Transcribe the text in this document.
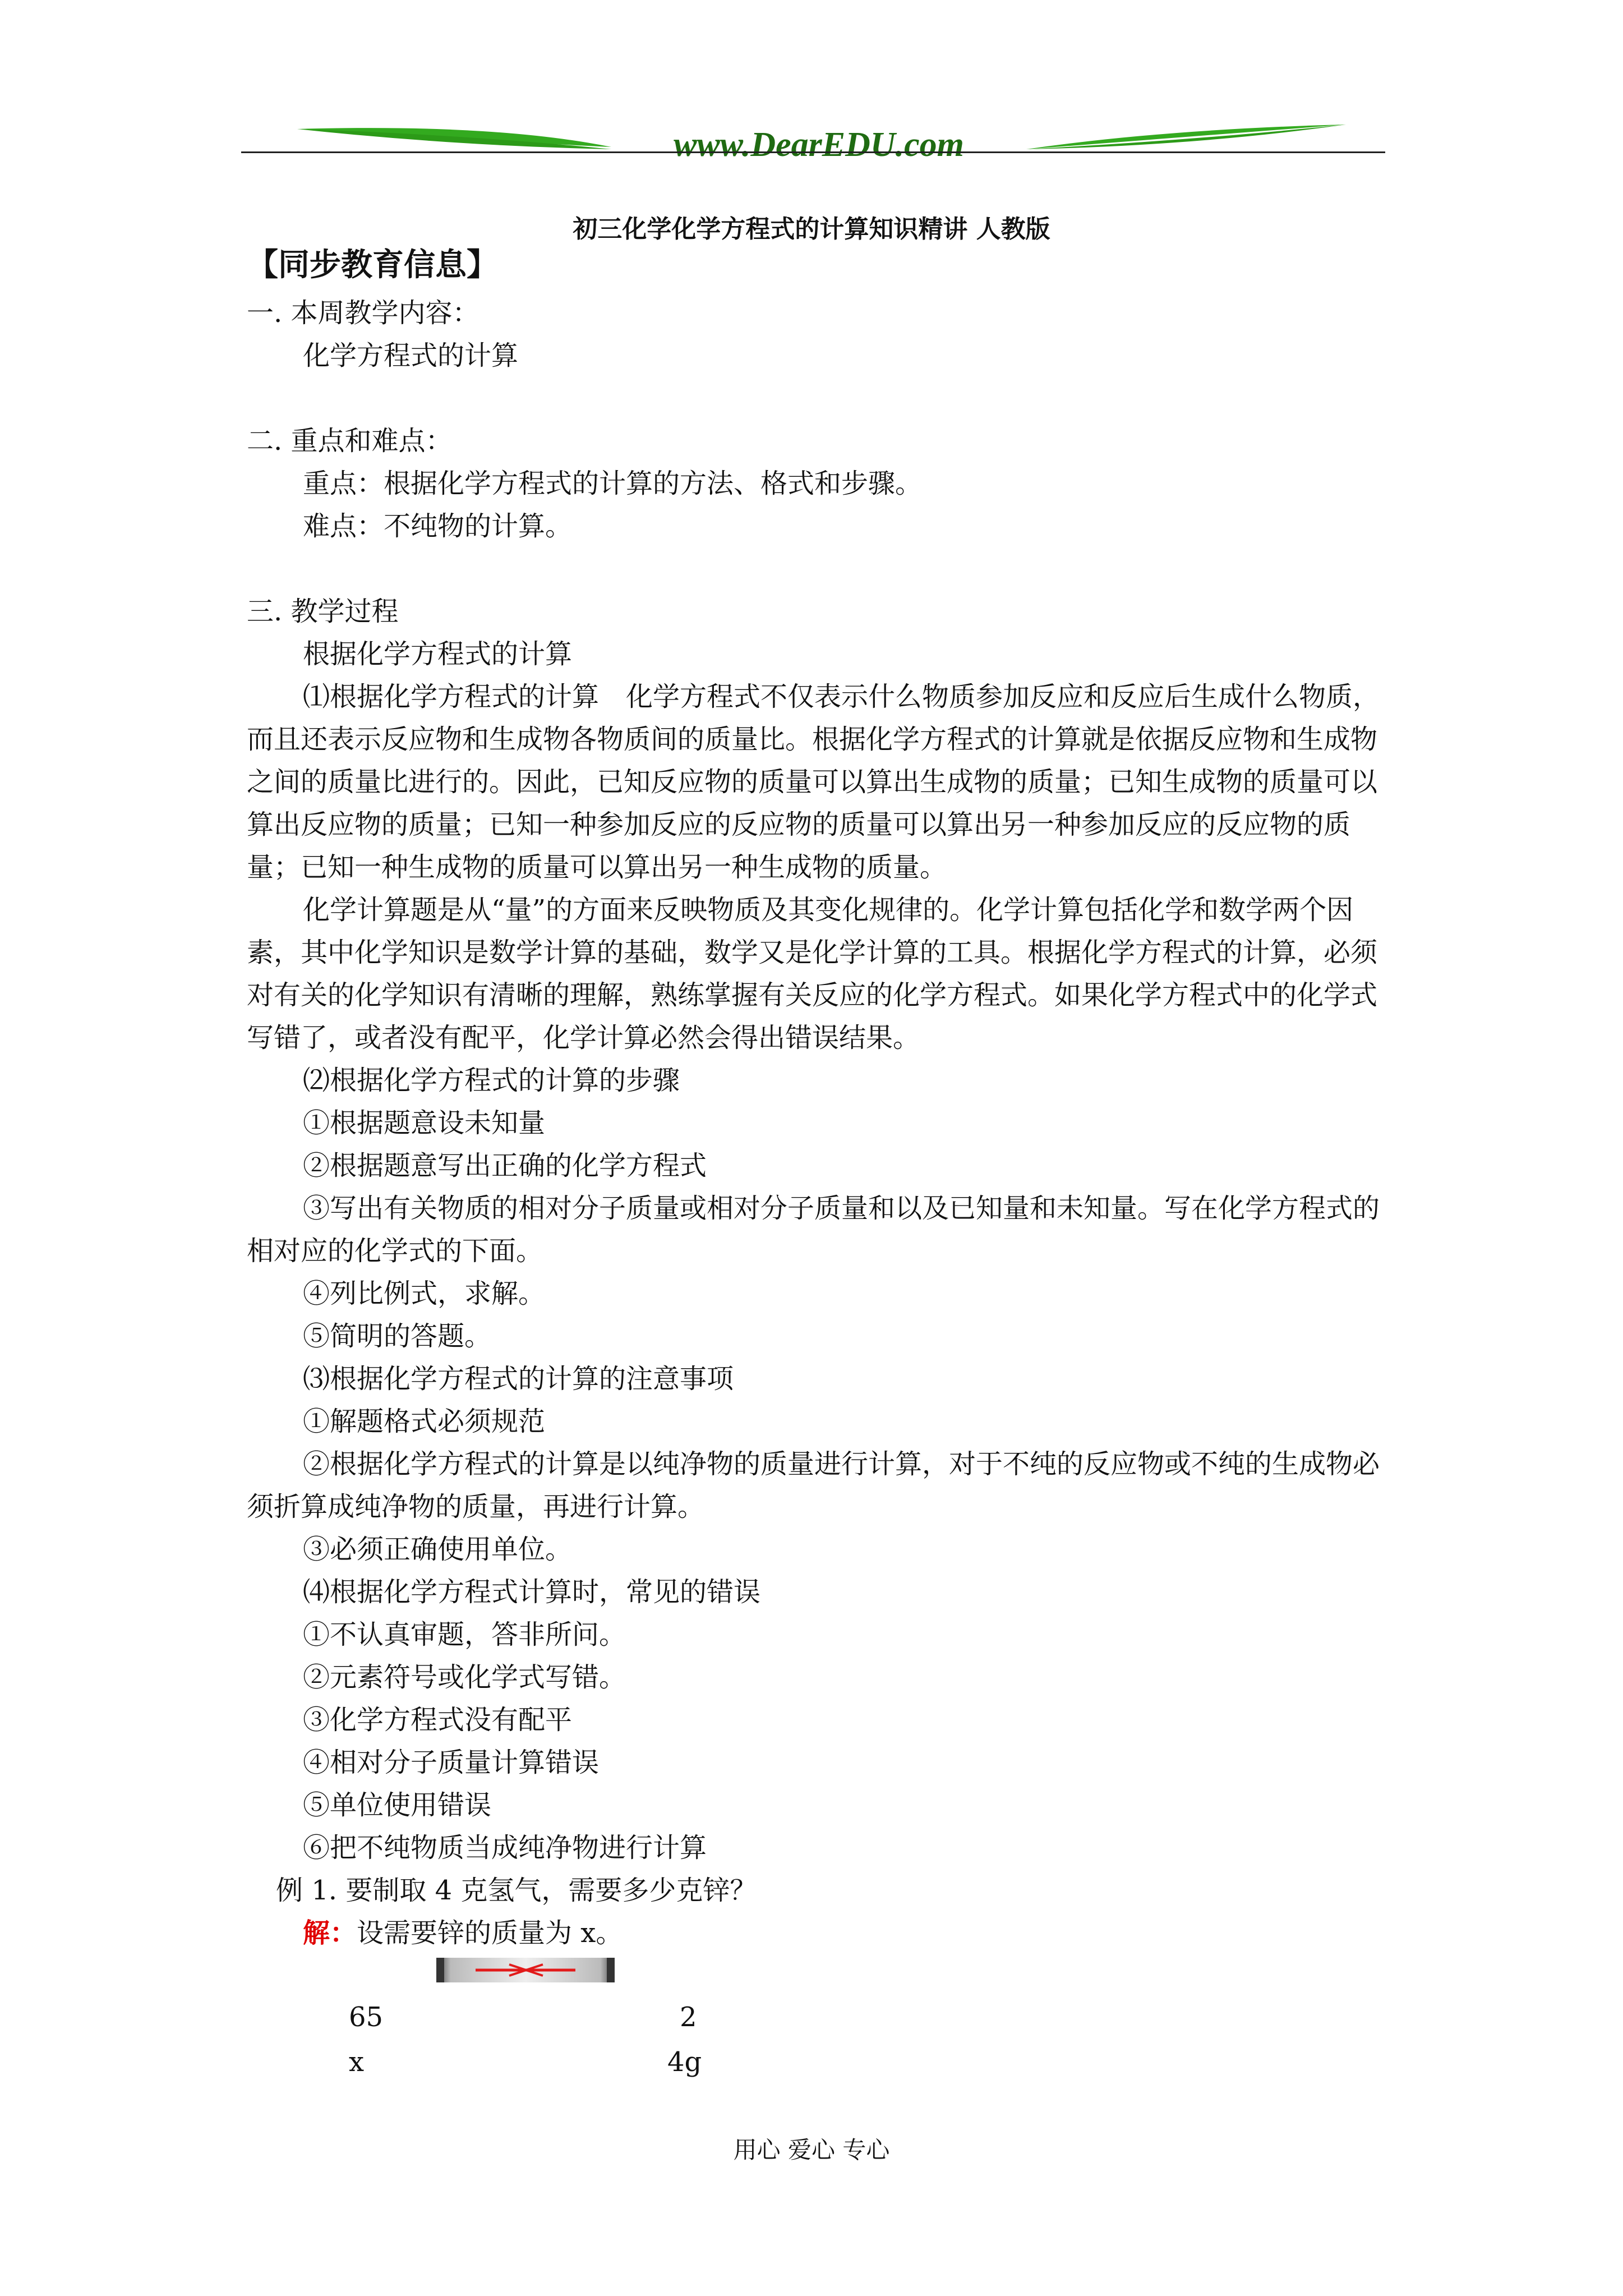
www.DearEDU.com
初三化学化学方程式的计算知识精讲 人教版
【同步教育信息】

一. 本周教学内容：

化学方程式的计算

二. 重点和难点：

重点：根据化学方程式的计算的方法、格式和步骤。

难点：不纯物的计算。

三. 教学过程

根据化学方程式的计算

⑴根据化学方程式的计算　化学方程式不仅表示什么物质参加反应和反应后生成什么物质，而且还表示反应物和生成物各物质间的质量比。根据化学方程式的计算就是依据反应物和生成物之间的质量比进行的。因此，已知反应物的质量可以算出生成物的质量；已知生成物的质量可以算出反应物的质量；已知一种参加反应的反应物的质量可以算出另一种参加反应的反应物的质量；已知一种生成物的质量可以算出另一种生成物的质量。

化学计算题是从“量”的方面来反映物质及其变化规律的。化学计算包括化学和数学两个因素，其中化学知识是数学计算的基础，数学又是化学计算的工具。根据化学方程式的计算，必须对有关的化学知识有清晰的理解，熟练掌握有关反应的化学方程式。如果化学方程式中的化学式写错了，或者没有配平，化学计算必然会得出错误结果。

⑵根据化学方程式的计算的步骤

①根据题意设未知量

②根据题意写出正确的化学方程式

③写出有关物质的相对分子质量或相对分子质量和以及已知量和未知量。写在化学方程式的相对应的化学式的下面。

④列比例式，求解。

⑤简明的答题。

⑶根据化学方程式的计算的注意事项

①解题格式必须规范

②根据化学方程式的计算是以纯净物的质量进行计算，对于不纯的反应物或不纯的生成物必须折算成纯净物的质量，再进行计算。

③必须正确使用单位。

⑷根据化学方程式计算时，常见的错误

①不认真审题，答非所问。

②元素符号或化学式写错。

③化学方程式没有配平

④相对分子质量计算错误

⑤单位使用错误

⑥把不纯物质当成纯净物进行计算

例 1. 要制取 4 克氢气，需要多少克锌？

解：设需要锌的质量为 x。

65	2
x	4g
用心 爱心 专心
